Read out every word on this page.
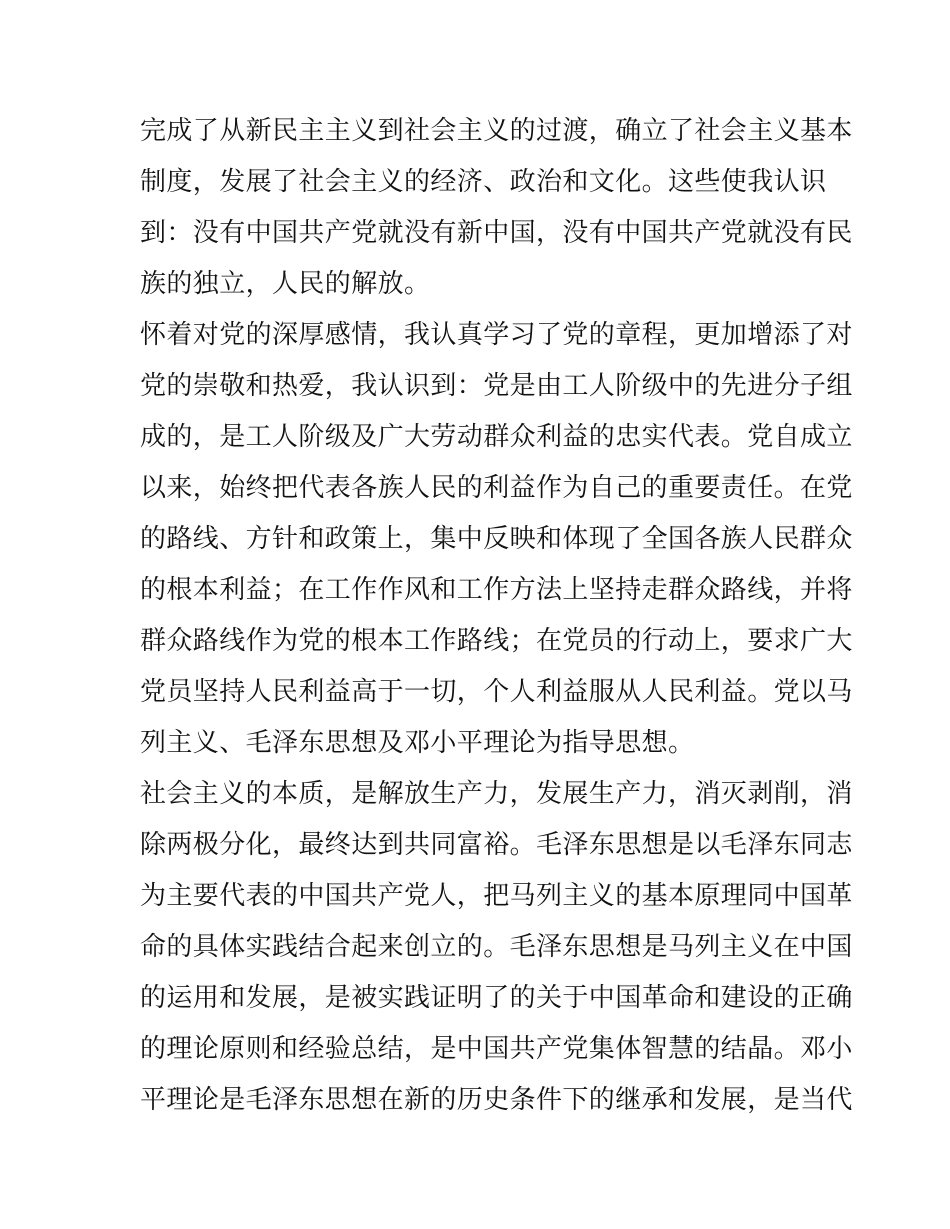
完成了从新民主主义到社会主义的过渡，确立了社会主义基本
制度，发展了社会主义的经济、政治和文化。这些使我认识
到：没有中国共产党就没有新中国，没有中国共产党就没有民
族的独立，人民的解放。
怀着对党的深厚感情，我认真学习了党的章程，更加增添了对
党的崇敬和热爱，我认识到：党是由工人阶级中的先进分子组
成的，是工人阶级及广大劳动群众利益的忠实代表。党自成立
以来，始终把代表各族人民的利益作为自己的重要责任。在党
的路线、方针和政策上，集中反映和体现了全国各族人民群众
的根本利益；在工作作风和工作方法上坚持走群众路线，并将
群众路线作为党的根本工作路线；在党员的行动上，要求广大
党员坚持人民利益高于一切，个人利益服从人民利益。党以马
列主义、毛泽东思想及邓小平理论为指导思想。
社会主义的本质，是解放生产力，发展生产力，消灭剥削，消
除两极分化，最终达到共同富裕。毛泽东思想是以毛泽东同志
为主要代表的中国共产党人，把马列主义的基本原理同中国革
命的具体实践结合起来创立的。毛泽东思想是马列主义在中国
的运用和发展，是被实践证明了的关于中国革命和建设的正确
的理论原则和经验总结，是中国共产党集体智慧的结晶。邓小
平理论是毛泽东思想在新的历史条件下的继承和发展，是当代
